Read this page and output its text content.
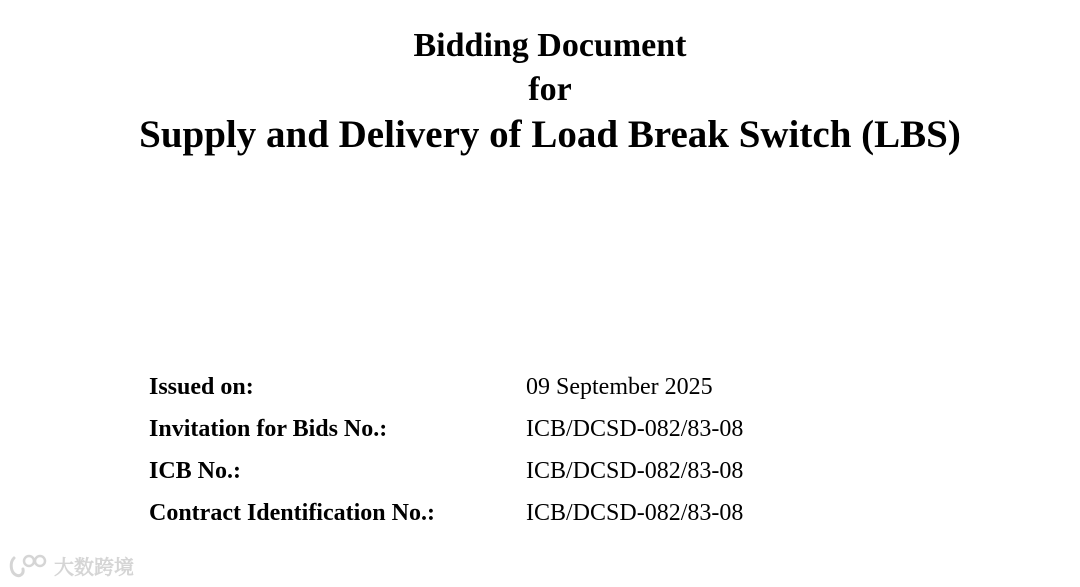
Bidding Document
for
Supply and Delivery of Load Break Switch (LBS)
Issued on:	09 September 2025
Invitation for Bids No.:	ICB/DCSD-082/83-08
ICB No.:	ICB/DCSD-082/83-08
Contract Identification No.:	ICB/DCSD-082/83-08
大数跨境
